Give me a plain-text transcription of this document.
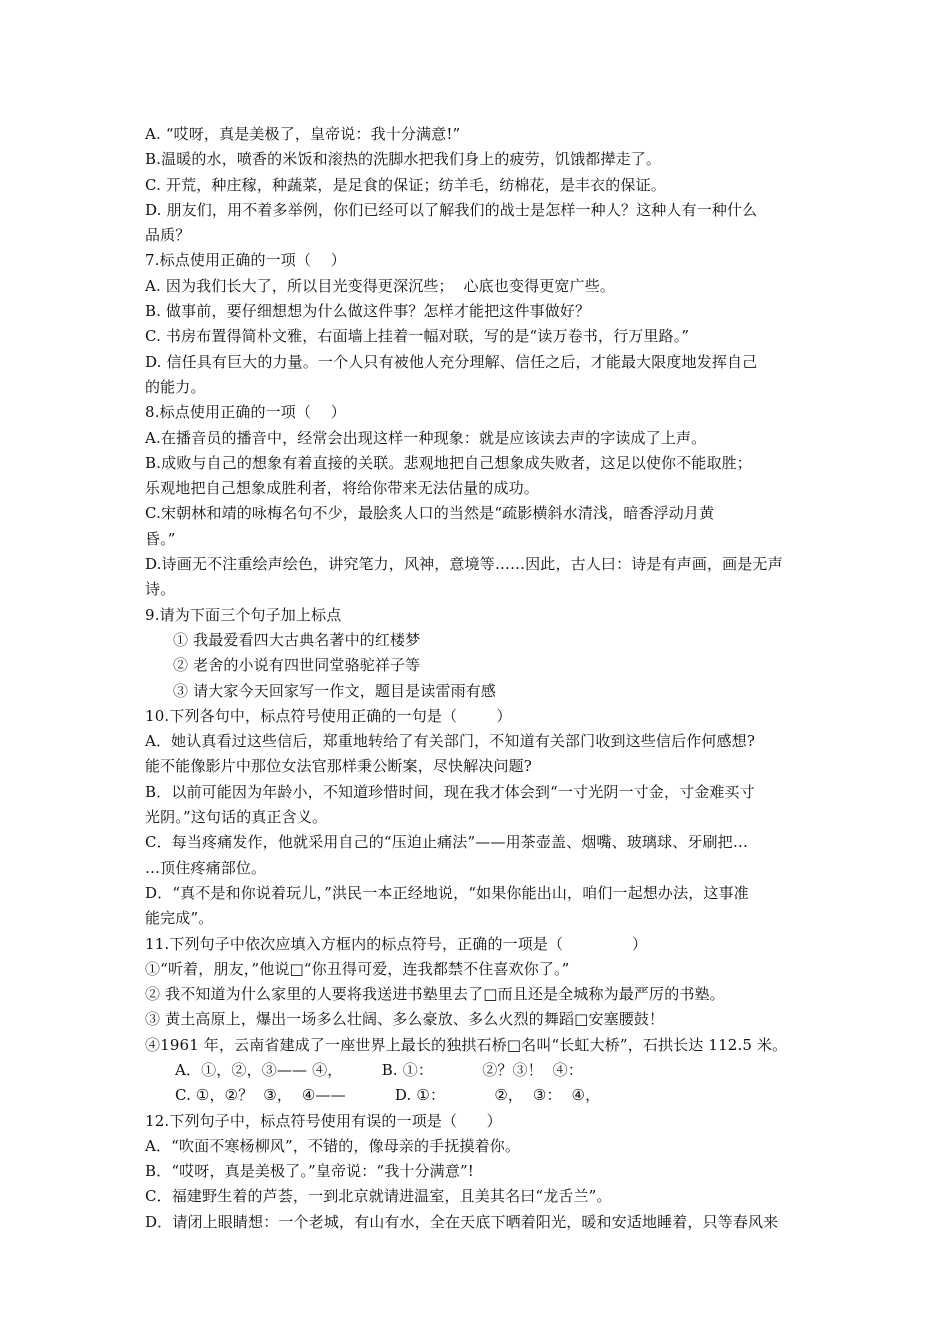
A. “哎呀，真是美极了，皇帝说：我十分满意!”
B.温暖的水，喷香的米饭和滚热的洗脚水把我们身上的疲劳，饥饿都撵走了。
C. 开荒，种庄稼，种蔬菜，是足食的保证；纺羊毛，纺棉花，是丰衣的保证。
D. 朋友们，用不着多举例，你们已经可以了解我们的战士是怎样一种人？这种人有一种什么
品质？
7.标点使用正确的一项（    ）
A. 因为我们长大了，所以目光变得更深沉些；  心底也变得更宽广些。
B. 做事前，要仔细想想为什么做这件事？怎样才能把这件事做好？
C. 书房布置得简朴文雅，右面墙上挂着一幅对联，写的是“读万卷书，行万里路。”
D. 信任具有巨大的力量。一个人只有被他人充分理解、信任之后，才能最大限度地发挥自己
的能力。
8.标点使用正确的一项（    ）
A.在播音员的播音中，经常会出现这样一种现象：就是应该读去声的字读成了上声。
B.成败与自己的想象有着直接的关联。悲观地把自己想象成失败者，这足以使你不能取胜；
乐观地把自己想象成胜利者，将给你带来无法估量的成功。
C.宋朝林和靖的咏梅名句不少，最脍炙人口的当然是“疏影横斜水清浅，暗香浮动月黄
昏。”
D.诗画无不注重绘声绘色，讲究笔力，风神，意境等……因此，古人曰：诗是有声画，画是无声
诗。
9.请为下面三个句子加上标点
① 我最爱看四大古典名著中的红楼梦
② 老舍的小说有四世同堂骆驼祥子等
③ 请大家今天回家写一作文，题目是读雷雨有感
10.下列各句中，标点符号使用正确的一句是（        ）
A．她认真看过这些信后，郑重地转给了有关部门，不知道有关部门收到这些信后作何感想?
能不能像影片中那位女法官那样秉公断案，尽快解决问题?
B．以前可能因为年龄小，不知道珍惜时间，现在我才体会到“一寸光阴一寸金，寸金难买寸
光阴。”这句话的真正含义。
C．每当疼痛发作，他就采用自己的“压迫止痛法”——用茶壶盖、烟嘴、玻璃球、牙刷把…
…顶住疼痛部位。
D．“真不是和你说着玩儿，”洪民一本正经地说，“如果你能出山，咱们一起想办法，这事准
能完成”。
11.下列句子中依次应填入方框内的标点符号，正确的一项是（              ）
①“听着，朋友，”他说□“你丑得可爱，连我都禁不住喜欢你了。”
② 我不知道为什么家里的人要将我送进书塾里去了□而且还是全城称为最严厉的书塾。
③ 黄土高原上，爆出一场多么壮阔、多么豪放、多么火烈的舞蹈□安塞腰鼓！
④1961 年，云南省建成了一座世界上最长的独拱石桥□名叫“长虹大桥”，石拱长达 112.5 米。
A．①，②，③—— ④，        B. ①：          ②？③！  ④：
C. ①，②？  ③，  ④——          D. ①：          ②，  ③：  ④，
12.下列句子中，标点符号使用有误的一项是（      ）
A．“吹面不寒杨柳风”，不错的，像母亲的手抚摸着你。
B．“哎呀，真是美极了。”皇帝说：“我十分满意”!
C．福建野生着的芦荟，一到北京就请进温室，且美其名曰“龙舌兰”。
D．请闭上眼睛想：一个老城，有山有水，全在天底下晒着阳光，暖和安适地睡着，只等春风来
